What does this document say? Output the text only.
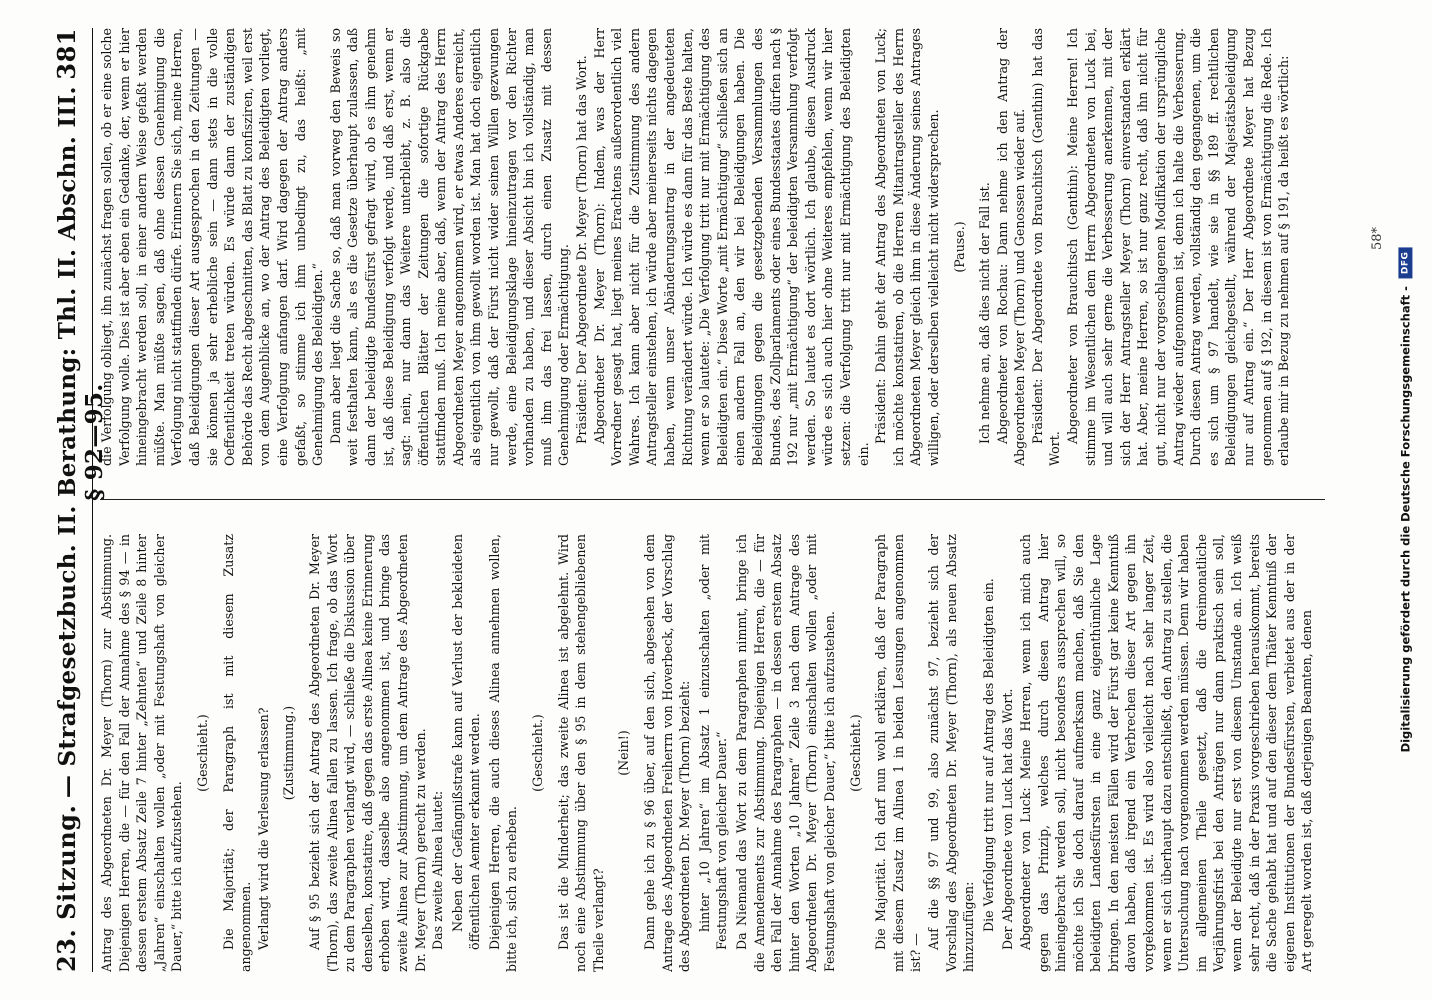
23. Sitzung.
— Strafgesetzbuch. II. Berathung: Thl. II. Abschn. III. § 92—95.
381

Antrag des Abgeordneten Dr. Meyer (Thorn) zur Abstimmung. Diejenigen Herren, die — für den Fall der Annahme des § 94 — in dessen erstem Absatz Zeile 7 hinter „Zehnten“ und Zeile 8 hinter „Jahren“ einschalten wollen „oder mit Festungshaft von gleicher Dauer,“ bitte ich aufzustehen.

(Geschieht.) Die Majorität; der Paragraph ist mit diesem Zusatz angenommen. Verlangt wird die Verlesung erlassen? (Zustimmung.) Auf § 95 bezieht sich der Antrag des Abgeordneten Dr. Meyer (Thorn), das zweite Alinea fallen zu lassen. Ich frage, ob das Wort zu dem Paragraphen verlangt wird, — schließe die Diskussion über denselben, konstatire, daß gegen das erste Alinea keine Erinnerung erhoben wird, dasselbe also angenommen ist, und bringe das zweite Alinea zur Abstimmung, um dem Antrage des Abgeordneten Dr. Meyer (Thorn) gerecht zu werden. Das zweite Alinea lautet: Neben der Gefängnißstrafe kann auf Verlust der bekleideten öffentlichen Aemter erkannt werden. Diejenigen Herren, die auch dieses Alinea annehmen wollen, bitte ich, sich zu erheben.

(Geschieht.) Das ist die Minderheit; das zweite Alinea ist abgelehnt. Wird noch eine Abstimmung über den § 95 in dem stehengebliebenen Theile verlangt?

(Nein!) Dann gehe ich zu § 96 über, auf den sich, abgesehen von dem Antrage des Abgeordneten Freiherrn von Hoverbeck, der Vorschlag des Abgeordneten Dr. Meyer (Thorn) bezieht: hinter „10 Jahren“ im Absatz 1 einzuschalten „oder mit Festungshaft von gleicher Dauer.“ Da Niemand das Wort zu dem Paragraphen nimmt, bringe ich die Amendements zur Abstimmung. Diejenigen Herren, die — für den Fall der Annahme des Paragraphen — in dessen erstem Absatz hinter den Worten „10 Jahren“ Zeile 3 nach dem Antrage des Abgeordneten Dr. Meyer (Thorn) einschalten wollen „oder mit Festungshaft von gleicher Dauer,“ bitte ich aufzustehen. (Geschieht.) Die Majorität. Ich darf nun wohl erklären, daß der Paragraph mit diesem Zusatz im Alinea 1 in beiden Lesungen angenommen ist? —

Auf die §§ 97 und 99, also zunächst 97, bezieht sich der Vorschlag des Abgeordneten Dr. Meyer (Thorn), als neuen Absatz hinzuzufügen: Die Verfolgung tritt nur auf Antrag des Beleidigten ein. Der Abgeordnete von Luck hat das Wort. Abgeordneter von Luck: Meine Herren, wenn ich mich auch gegen das Prinzip, welches durch diesen Antrag hier hineingebracht werden soll, nicht besonders aussprechen will, so möchte ich Sie doch darauf aufmerksam machen, daß Sie den beleidigten Landesfürsten in eine ganz eigenthümliche Lage bringen. In den meisten Fällen wird der Fürst gar keine Kenntniß davon haben, daß irgend ein Verbrechen dieser Art gegen ihn vorgekommen ist. Es wird also vielleicht nach sehr langer Zeit, wenn er sich überhaupt dazu entschließt, den Antrag zu stellen, die Untersuchung nach vorgenommen werden müssen. Denn wir haben im allgemeinen Theile gesetzt, daß die dreimonatliche Verjährungsfrist bei den Anträgen nur dann praktisch sein soll, wenn der Beleidigte nur erst von diesem Umstande an. Ich weiß sehr recht, daß in der Praxis vorgeschrieben herauskommt, bereits die Sache gehabt hat und auf den dieser dem Thäter Kenntniß der eigenen Institutionen der Bundesfürsten, verbietet aus der in der Art geregelt worden ist, daß derjenigen Beamten, denen

die Verfolgung obliegt, ihn zunächst fragen sollen, ob er eine solche Verfolgung wolle. Dies ist aber eben ein Gedanke, der, wenn er hier hineingebracht werden soll, in einer andern Weise gefaßt werden müßte. Man müßte sagen, daß ohne dessen Genehmigung die Verfolgung nicht stattfinden dürfe. Erinnern Sie sich, meine Herren, daß Beleidigungen dieser Art ausgesprochen in den Zeitungen — sie können ja sehr erhebliche sein — dann stets in die volle Oeffentlichkeit treten würden. Es würde dann der zuständigen Behörde das Recht abgeschnitten, das Blatt zu konfisziren, weil erst von dem Augenblicke an, wo der Antrag des Beleidigten vorliegt, eine Verfolgung anfangen darf. Wird dagegen der Antrag anders gefaßt, so stimme ich ihm unbedingt zu, das heißt: „mit Genehmigung des Beleidigten.“ Dann aber liegt die Sache so, daß man vorweg den Beweis so weit festhalten kann, als es die Gesetze überhaupt zulassen, daß dann der beleidigte Bundesfürst gefragt wird, ob es ihm genehm ist, daß diese Beleidigung verfolgt werde, und daß erst, wenn er sagt: nein, nur dann das Weitere unterbleibt, z. B. also die öffentlichen Blätter der Zeitungen die sofortige Rückgabe stattfinden muß. Ich meine aber, daß, wenn der Antrag des Herrn Abgeordneten Meyer angenommen wird, er etwas Anderes erreicht, als eigentlich von ihm gewollt worden ist. Man hat doch eigentlich nur gewollt, daß der Fürst nicht wider seinen Willen gezwungen werde, eine Beleidigungsklage hineinzutragen vor den Richter vorhanden zu haben, und dieser Absicht bin ich vollständig, man muß ihm das frei lassen, durch einen Zusatz mit dessen Genehmigung oder Ermächtigung. Präsident: Der Abgeordnete Dr. Meyer (Thorn) hat das Wort. Abgeordneter Dr. Meyer (Thorn): Indem, was der Herr Vorredner gesagt hat, liegt meines Erachtens außerordentlich viel Wahres. Ich kann aber nicht für die Zustimmung des andern Antragsteller einstehen, ich würde aber meinerseits nichts dagegen haben, wenn unser Abänderungsantrag in der angedeuteten Richtung verändert würde. Ich würde es dann für das Beste halten, wenn er so lautete: „Die Verfolgung tritt nur mit Ermächtigung des Beleidigten ein.“ Diese Worte „mit Ermächtigung“ schließen sich an einen andern Fall an, den wir bei Beleidigungen haben. Die Beleidigungen gegen die gesetzgebenden Versammlungen des Bundes, des Zollparlaments oder eines Bundesstaates dürfen nach § 192 nur „mit Ermächtigung“ der beleidigten Versammlung verfolgt werden. So lautet es dort wörtlich. Ich glaube, diesen Ausdruck würde es sich auch hier ohne Weiteres empfehlen, wenn wir hier setzen: die Verfolgung tritt nur mit Ermächtigung des Beleidigten ein.

Präsident: Dahin geht der Antrag des Abgeordneten von Luck; ich möchte konstatiren, ob die Herren Mitantragsteller des Herrn Abgeordneten Meyer gleich ihm in diese Änderung seines Antrages willigen, oder derselben vielleicht nicht widersprechen. (Pause.) Ich nehme an, daß dies nicht der Fall ist. Abgeordneter von Rochau: Dann nehme ich den Antrag der Abgeordneten Meyer (Thorn) und Genossen wieder auf. Präsident: Der Abgeordnete von Brauchitsch (Genthin) hat das Wort.

Abgeordneter von Brauchitsch (Genthin): Meine Herren! Ich stimme im Wesentlichen dem Herrn Abgeordneten von Luck bei, und will auch sehr gerne die Verbesserung anerkennen, mit der sich der Herr Antragsteller Meyer (Thorn) einverstanden erklärt hat. Aber, meine Herren, so ist nur ganz recht, daß ihn nicht für gut, nicht nur der vorgeschlagenen Modifikation der ursprüngliche Antrag wieder aufgenommen ist, denn ich halte die Verbesserung. Durch diesen Antrag werden, vollständig den gegangenen, um die es sich um § 97 handelt, wie sie in §§ 189 ff. rechtlichen Beleidigungen gleichgestellt, während der Majestätsbeleidigung nur auf Antrag ein.“ Der Herr Abgeordnete Meyer hat Bezug genommen auf § 192, in diesem ist von Ermächtigung die Rede. Ich erlaube mir in Bezug zu nehmen auf § 191, da heißt es wörtlich:	58*
Digitalisierung gefördert durch die Deutsche Forschungsgemeinschaft -
DFG
